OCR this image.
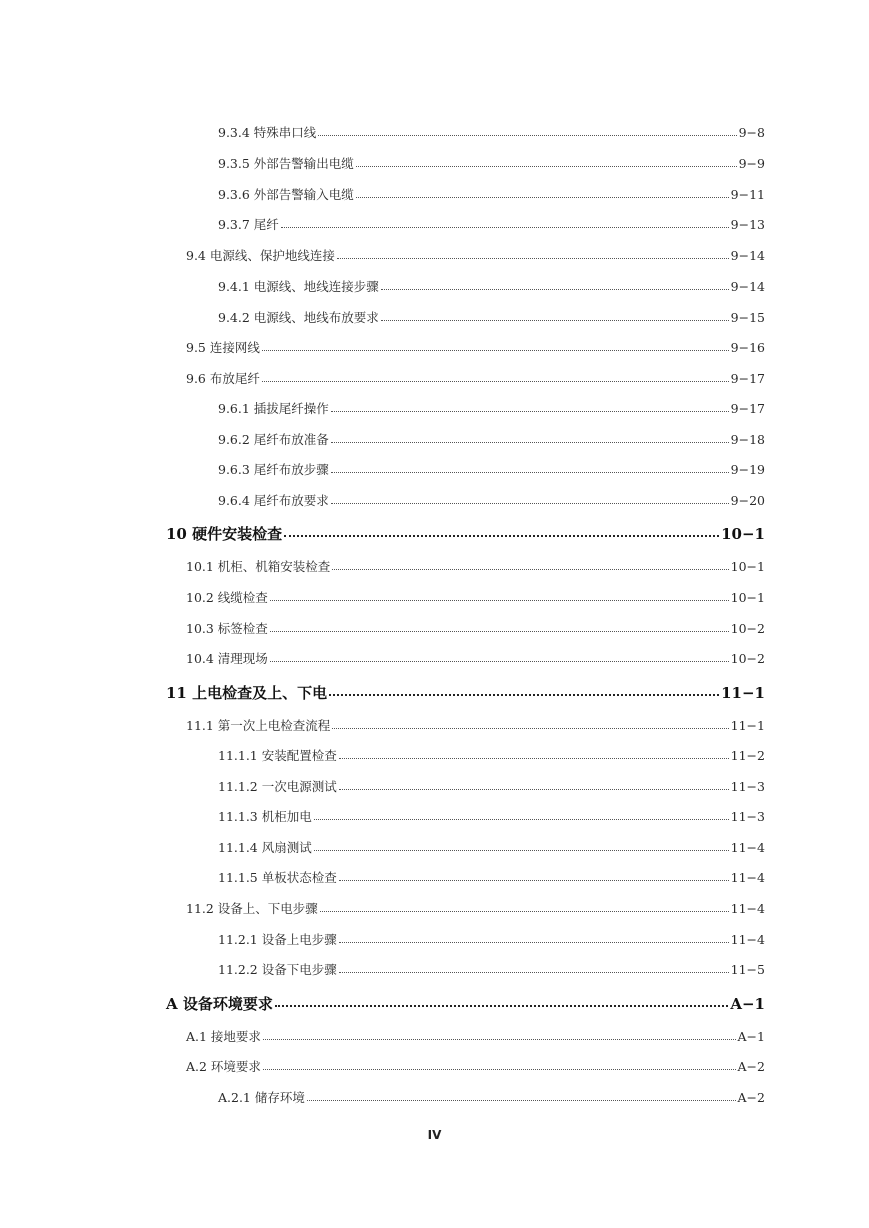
9.3.4 特殊串口线	9−8
9.3.5 外部告警输出电缆	9−9
9.3.6 外部告警输入电缆	9−11
9.3.7 尾纤	9−13
9.4 电源线、保护地线连接	9−14
9.4.1 电源线、地线连接步骤	9−14
9.4.2 电源线、地线布放要求	9−15
9.5 连接网线	9−16
9.6 布放尾纤	9−17
9.6.1 插拔尾纤操作	9−17
9.6.2 尾纤布放准备	9−18
9.6.3 尾纤布放步骤	9−19
9.6.4 尾纤布放要求	9−20
10 硬件安装检查	10−1
10.1 机柜、机箱安装检查	10−1
10.2 线缆检查	10−1
10.3 标签检查	10−2
10.4 清理现场	10−2
11 上电检查及上、下电	11−1
11.1 第一次上电检查流程	11−1
11.1.1 安装配置检查	11−2
11.1.2 一次电源测试	11−3
11.1.3 机柜加电	11−3
11.1.4 风扇测试	11−4
11.1.5 单板状态检查	11−4
11.2 设备上、下电步骤	11−4
11.2.1 设备上电步骤	11−4
11.2.2 设备下电步骤	11−5
A 设备环境要求	A−1
A.1 接地要求	A−1
A.2 环境要求	A−2
A.2.1 储存环境	A−2
IV
